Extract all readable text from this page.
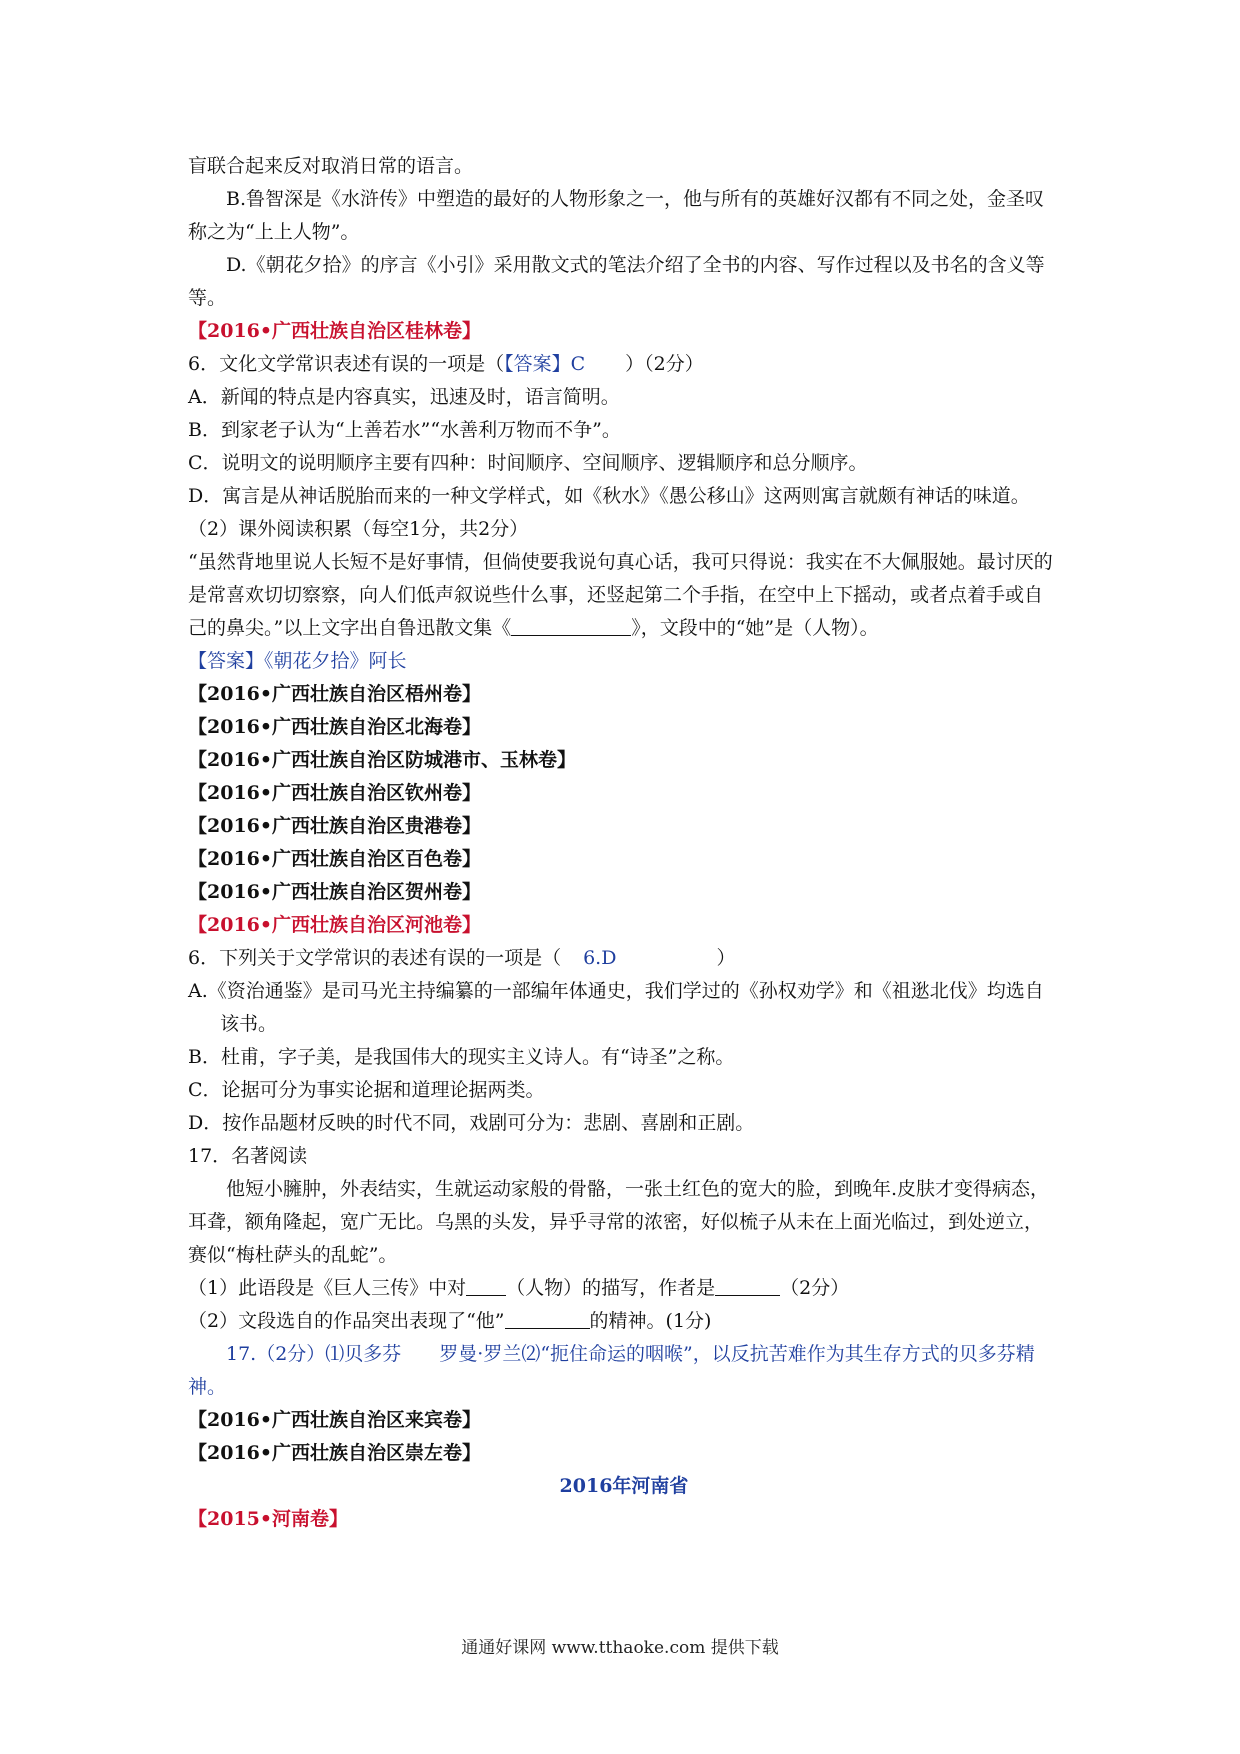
盲联合起来反对取消日常的语言。

B.鲁智深是《水浒传》中塑造的最好的人物形象之一，他与所有的英雄好汉都有不同之处，金圣叹称之为“上上人物”。

D.《朝花夕拾》的序言《小引》采用散文式的笔法介绍了全书的内容、写作过程以及书名的含义等等。

【2016•广西壮族自治区桂林卷】

6．文化文学常识表述有误的一项是（【答案】C ）（2分）

A．新闻的特点是内容真实，迅速及时，语言简明。

B．到家老子认为“上善若水”“水善利万物而不争”。

C．说明文的说明顺序主要有四种：时间顺序、空间顺序、逻辑顺序和总分顺序。

D．寓言是从神话脱胎而来的一种文学样式，如《秋水》《愚公移山》这两则寓言就颇有神话的味道。

（2）课外阅读积累（每空1分，共2分）

“虽然背地里说人长短不是好事情，但倘使要我说句真心话，我可只得说：我实在不大佩服她。最讨厌的是常喜欢切切察察，向人们低声叙说些什么事，还竖起第二个手指，在空中上下摇动，或者点着手或自己的鼻尖。”以上文字出自鲁迅散文集《	》，文段中的“她”是（人物）。

【答案】《朝花夕拾》阿长

【2016•广西壮族自治区梧州卷】

【2016•广西壮族自治区北海卷】

【2016•广西壮族自治区防城港市、玉林卷】

【2016•广西壮族自治区钦州卷】

【2016•广西壮族自治区贵港卷】

【2016•广西壮族自治区百色卷】

【2016•广西壮族自治区贺州卷】

【2016•广西壮族自治区河池卷】

6．下列关于文学常识的表述有误的一项是（ 6.D	）

A.《资治通鉴》是司马光主持编纂的一部编年体通史，我们学过的《孙权劝学》和《祖逖北伐》均选自该书。

B．杜甫，字子美，是我国伟大的现实主义诗人。有“诗圣”之称。

C．论据可分为事实论据和道理论据两类。

D．按作品题材反映的时代不同，戏剧可分为：悲剧、喜剧和正剧。

17．名著阅读

他短小臃肿，外表结实，生就运动家般的骨骼，一张土红色的宽大的脸，到晚年.皮肤才变得病态，耳聋，额角隆起，宽广无比。乌黑的头发，异乎寻常的浓密，好似梳子从未在上面光临过，到处逆立，赛似“梅杜萨头的乱蛇”。

（1）此语段是《巨人三传》中对 （人物）的描写，作者是	（2分）

（2）文段选自的作品突出表现了“他”	的精神。(1分)

17.（2分）⑴贝多芬　　罗曼·罗兰⑵“扼住命运的咽喉”，以反抗苦难作为其生存方式的贝多芬精神。

【2016•广西壮族自治区来宾卷】

【2016•广西壮族自治区崇左卷】

2016年河南省

【2015•河南卷】

通通好课网 www.tthaoke.com 提供下载
